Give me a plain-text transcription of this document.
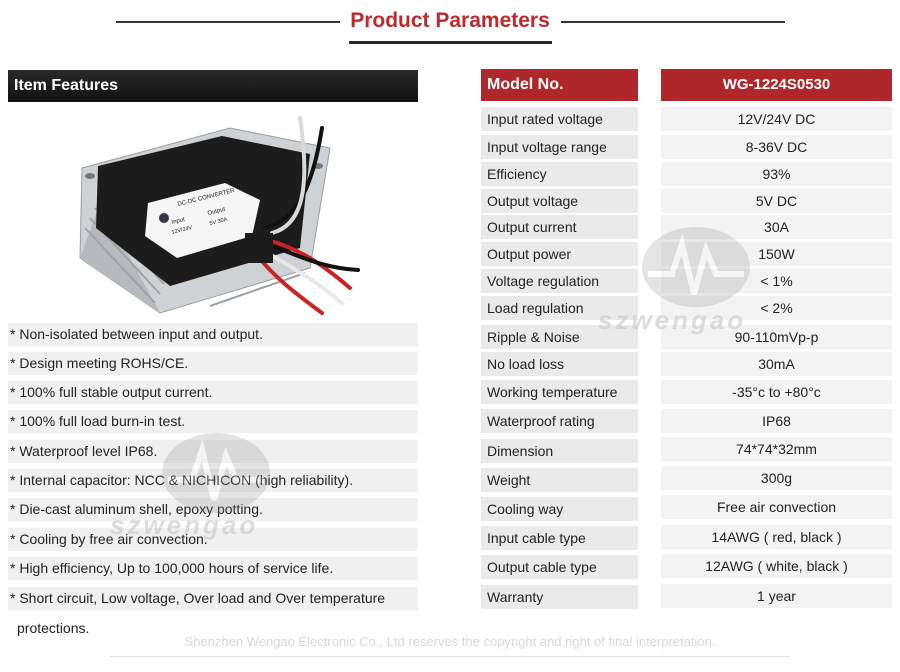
Product Parameters
Item Features
DC-DC CONVERTER
Input
Output
12V/24V
5V 30A
* Non-isolated between input and output.
* Design meeting ROHS/CE.
* 100% full stable output current.
* 100% full load burn-in test.
* Waterproof level IP68.
* Internal capacitor: NCC & NICHICON (high reliability).
* Die-cast aluminum shell, epoxy potting.
* Cooling by free air convection.
* High efficiency, Up to 100,000 hours of service life.
* Short circuit, Low voltage, Over load and Over temperature
protections.
Model No.	WG-1224S0530
Input rated voltage	12V/24V DC
Input voltage range	8-36V DC
Efficiency	93%
Output voltage	5V DC
Output current	30A
Output power	150W
Voltage regulation	< 1%
Load regulation	< 2%
Ripple & Noise	90-110mVp-p
No load loss	30mA
Working temperature	-35°c to +80°c
Waterproof rating	IP68
Dimension	74*74*32mm
Weight	300g
Cooling way	Free air convection
Input cable type	14AWG ( red, black )
Output cable type	12AWG ( white, black )
Warranty	1 year
szwengao
szwengao
Shenzhen Wengao Electronic Co., Ltd reserves the copyright and right of final interpretation.
